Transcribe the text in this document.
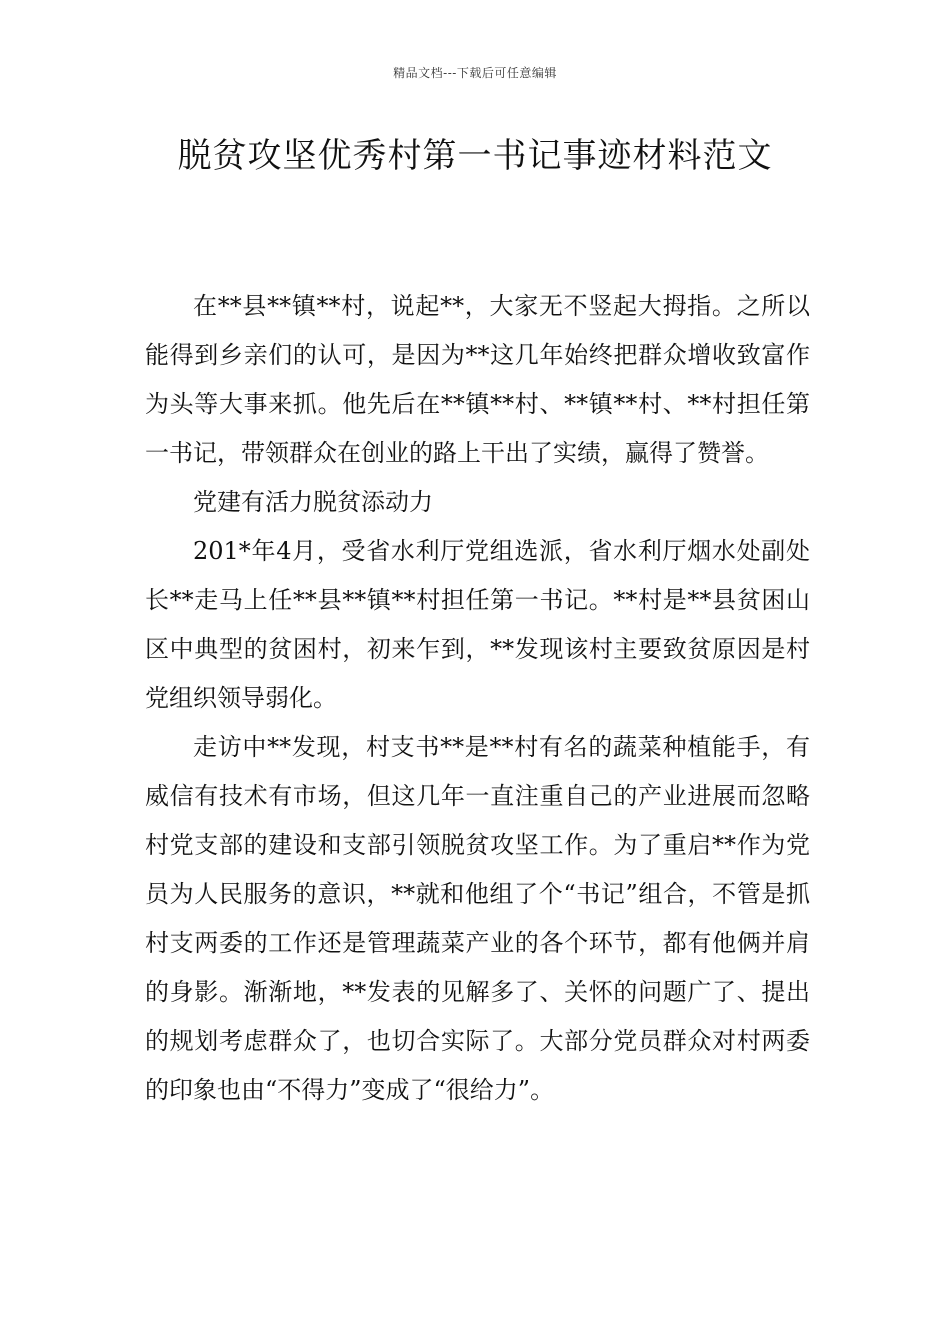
精品文档---下载后可任意编辑
脱贫攻坚优秀村第一书记事迹材料范文

在**县**镇**村，说起**，大家无不竖起大拇指。之所以能得到乡亲们的认可，是因为**这几年始终把群众增收致富作为头等大事来抓。他先后在**镇**村、**镇**村、**村担任第一书记，带领群众在创业的路上干出了实绩，赢得了赞誉。

党建有活力脱贫添动力

201*年4月，受省水利厅党组选派，省水利厅烟水处副处长**走马上任**县**镇**村担任第一书记。**村是**县贫困山区中典型的贫困村，初来乍到，**发现该村主要致贫原因是村党组织领导弱化。

走访中**发现，村支书**是**村有名的蔬菜种植能手，有威信有技术有市场，但这几年一直注重自己的产业进展而忽略村党支部的建设和支部引领脱贫攻坚工作。为了重启**作为党员为人民服务的意识，**就和他组了个“书记”组合，不管是抓村支两委的工作还是管理蔬菜产业的各个环节，都有他俩并肩的身影。渐渐地，**发表的见解多了、关怀的问题广了、提出的规划考虑群众了，也切合实际了。大部分党员群众对村两委的印象也由“不得力”变成了“很给力”。
